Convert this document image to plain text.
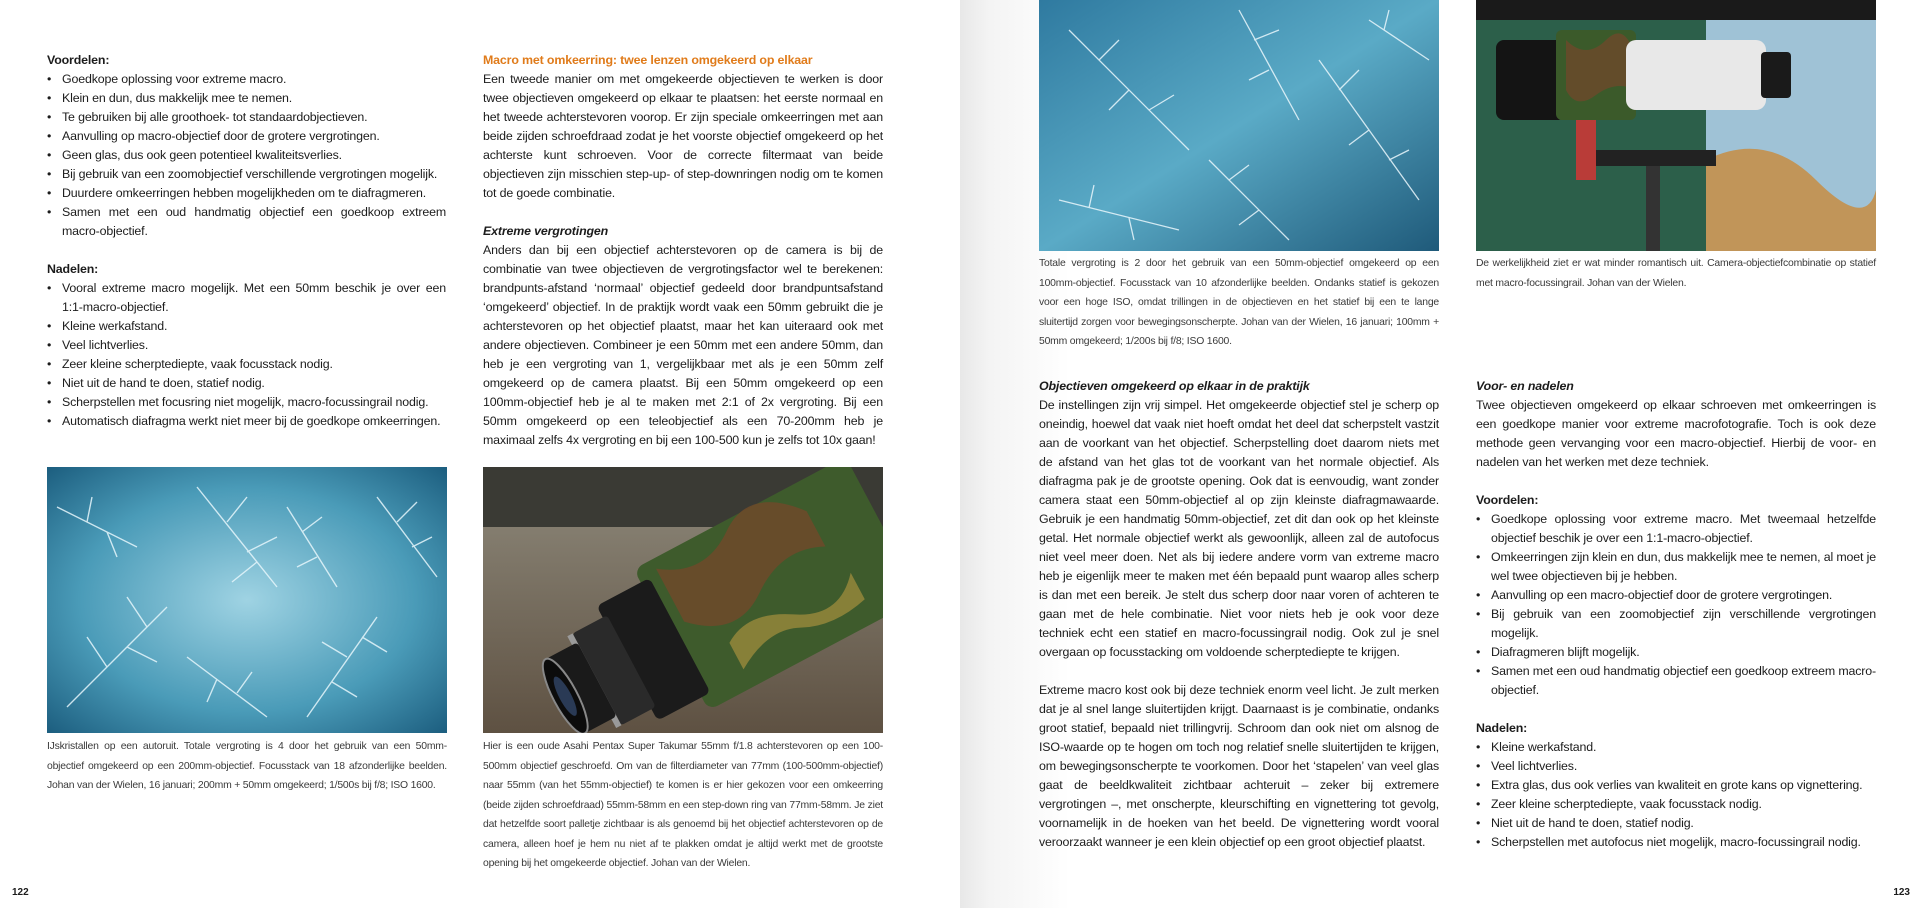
Voordelen:

• Goedkope oplossing voor extreme macro.
• Klein en dun, dus makkelijk mee te nemen.
• Te gebruiken bij alle groothoek- tot standaardobjectieven.
• Aanvulling op macro-objectief door de grotere vergrotingen.
• Geen glas, dus ook geen potentieel kwaliteitsverlies.
• Bij gebruik van een zoomobjectief verschillende vergrotingen mogelijk.
• Duurdere omkeerringen hebben mogelijkheden om te diafragmeren.
• Samen met een oud handmatig objectief een goedkoop extreem macro-objectief.

Nadelen:

• Vooral extreme macro mogelijk. Met een 50mm beschik je over een 1:1-macro-objectief.
• Kleine werkafstand.
• Veel lichtverlies.
• Zeer kleine scherptediepte, vaak focusstack nodig.
• Niet uit de hand te doen, statief nodig.
• Scherpstellen met focusring niet mogelijk, macro-focussingrail nodig.
• Automatisch diafragma werkt niet meer bij de goedkope omkeerringen.

Macro met omkeerring: twee lenzen omgekeerd op elkaar

Een tweede manier om met omgekeerde objectieven te werken is door twee objectieven omgekeerd op elkaar te plaatsen: het eerste normaal en het tweede achterstevoren voorop. Er zijn speciale omkeerringen met aan beide zijden schroefdraad zodat je het voorste objectief omgekeerd op het achterste kunt schroeven. Voor de correcte filtermaat van beide objectieven zijn misschien step-up- of step-downringen nodig om te komen tot de goede combinatie.

Extreme vergrotingen

Anders dan bij een objectief achterstevoren op de camera is bij de combinatie van twee objectieven de vergrotingsfactor wel te berekenen: brandpunts-afstand ‘normaal’ objectief gedeeld door brandpuntsafstand ‘omgekeerd’ objectief. In de praktijk wordt vaak een 50mm gebruikt die je achterstevoren op het objectief plaatst, maar het kan uiteraard ook met andere objectieven. Combineer je een 50mm met een andere 50mm, dan heb je een vergroting van 1, vergelijkbaar met als je een 50mm zelf omgekeerd op de camera plaatst. Bij een 50mm omgekeerd op een 100mm-objectief heb je al te maken met 2:1 of 2x vergroting. Bij een 50mm omgekeerd op een teleobjectief als een 70-200mm heb je maximaal zelfs 4x vergroting en bij een 100-500 kun je zelfs tot 10x gaan!

IJskristallen op een autoruit. Totale vergroting is 4 door het gebruik van een 50mm-objectief omgekeerd op een 200mm-objectief. Focusstack van 18 afzonderlijke beelden. Johan van der Wielen, 16 januari; 200mm + 50mm omgekeerd; 1/500s bij f/8; ISO 1600.
Hier is een oude Asahi Pentax Super Takumar 55mm f/1.8 achterstevoren op een 100-500mm objectief geschroefd. Om van de filterdiameter van 77mm (100-500mm-objectief) naar 55mm (van het 55mm-objectief) te komen is er hier gekozen voor een omkeerring (beide zijden schroefdraad) 55mm-58mm en een step-down ring van 77mm-58mm. Je ziet dat hetzelfde soort palletje zichtbaar is als genoemd bij het objectief achterstevoren op de camera, alleen hoef je hem nu niet af te plakken omdat je altijd werkt met de grootste opening bij het omgekeerde objectief. Johan van der Wielen.
122
Totale vergroting is 2 door het gebruik van een 50mm-objectief omgekeerd op een 100mm-objectief. Focusstack van 10 afzonderlijke beelden. Ondanks statief is gekozen voor een hoge ISO, omdat trillingen in de objectieven en het statief bij een te lange sluitertijd zorgen voor bewegingsonscherpte. Johan van der Wielen, 16 januari; 100mm + 50mm omgekeerd; 1/200s bij f/8; ISO 1600.
De werkelijkheid ziet er wat minder romantisch uit. Camera-objectiefcombinatie op statief met macro-focussingrail. Johan van der Wielen.

Objectieven omgekeerd op elkaar in de praktijk

De instellingen zijn vrij simpel. Het omgekeerde objectief stel je scherp op oneindig, hoewel dat vaak niet hoeft omdat het deel dat scherpstelt vastzit aan de voorkant van het objectief. Scherpstelling doet daarom niets met de afstand van het glas tot de voorkant van het normale objectief. Als diafragma pak je de grootste opening. Ook dat is eenvoudig, want zonder camera staat een 50mm-objectief al op zijn kleinste diafragmawaarde. Gebruik je een handmatig 50mm-objectief, zet dit dan ook op het kleinste getal. Het normale objectief werkt als gewoonlijk, alleen zal de autofocus niet veel meer doen. Net als bij iedere andere vorm van extreme macro heb je eigenlijk meer te maken met één bepaald punt waarop alles scherp is dan met een bereik. Je stelt dus scherp door naar voren of achteren te gaan met de hele combinatie. Niet voor niets heb je ook voor deze techniek echt een statief en macro-focussingrail nodig. Ook zul je snel overgaan op focusstacking om voldoende scherptediepte te krijgen.

Extreme macro kost ook bij deze techniek enorm veel licht. Je zult merken dat je al snel lange sluitertijden krijgt. Daarnaast is je combinatie, ondanks groot statief, bepaald niet trillingvrij. Schroom dan ook niet om alsnog de ISO-waarde op te hogen om toch nog relatief snelle sluitertijden te krijgen, om bewegingsonscherpte te voorkomen. Door het ‘stapelen’ van veel glas gaat de beeldkwaliteit zichtbaar achteruit – zeker bij extremere vergrotingen –, met onscherpte, kleurschifting en vignettering tot gevolg, voornamelijk in de hoeken van het beeld. De vignettering wordt vooral veroorzaakt wanneer je een klein objectief op een groot objectief plaatst.

Voor- en nadelen

Twee objectieven omgekeerd op elkaar schroeven met omkeerringen is een goedkope manier voor extreme macrofotografie. Toch is ook deze methode geen vervanging voor een macro-objectief. Hierbij de voor- en nadelen van het werken met deze techniek.

Voordelen:

• Goedkope oplossing voor extreme macro. Met tweemaal hetzelfde objectief beschik je over een 1:1-macro-objectief.
• Omkeerringen zijn klein en dun, dus makkelijk mee te nemen, al moet je wel twee objectieven bij je hebben.
• Aanvulling op een macro-objectief door de grotere vergrotingen.
• Bij gebruik van een zoomobjectief zijn verschillende vergrotingen mogelijk.
• Diafragmeren blijft mogelijk.
• Samen met een oud handmatig objectief een goedkoop extreem macro-objectief.

Nadelen:

• Kleine werkafstand.
• Veel lichtverlies.
• Extra glas, dus ook verlies van kwaliteit en grote kans op vignettering.
• Zeer kleine scherptediepte, vaak focusstack nodig.
• Niet uit de hand te doen, statief nodig.
• Scherpstellen met autofocus niet mogelijk, macro-focussingrail nodig.
123
